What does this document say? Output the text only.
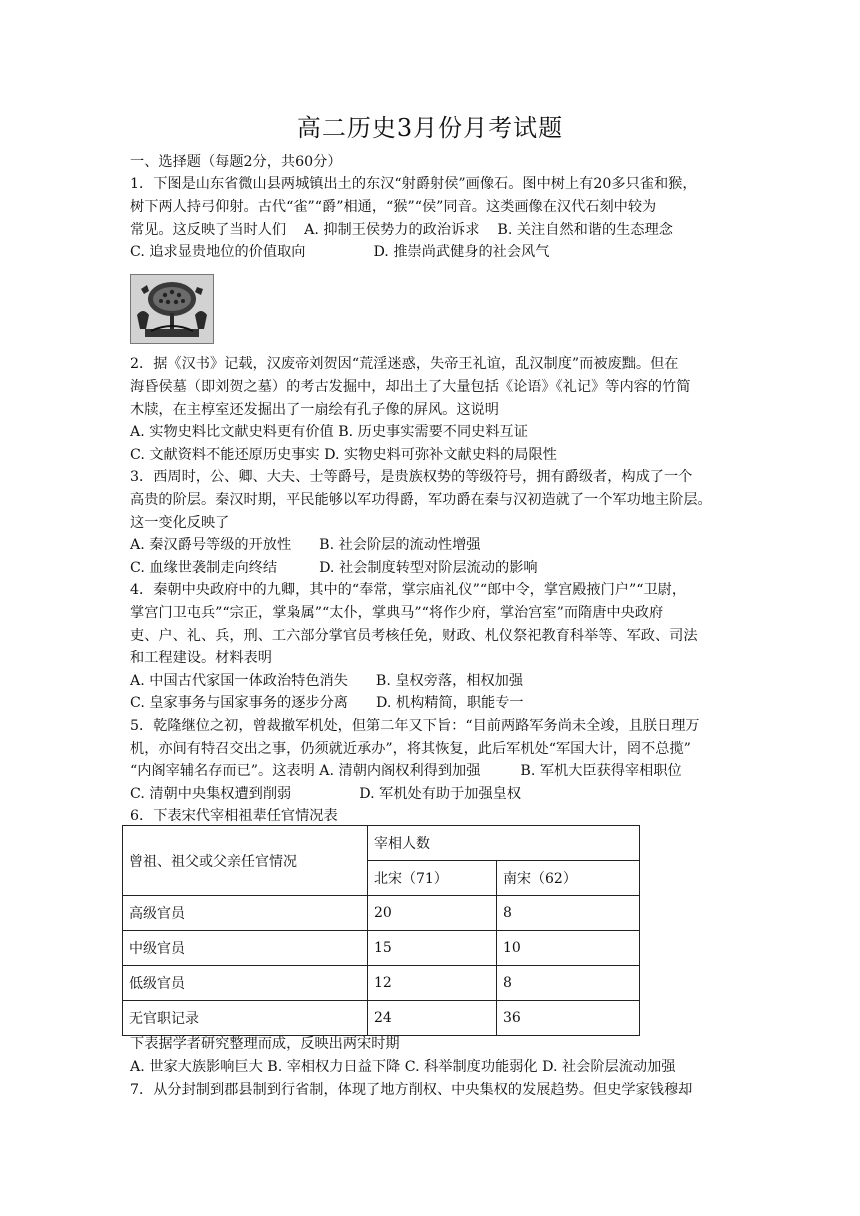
高二历史3月份月考试题
一、选择题（每题2分，共60分）
1．下图是山东省微山县两城镇出土的东汉“射爵射侯”画像石。图中树上有20多只雀和猴，
树下两人持弓仰射。古代“雀”“爵”相通，“猴”“侯”同音。这类画像在汉代石刻中较为
常见。这反映了当时人们 A. 抑制王侯势力的政治诉求 B. 关注自然和谐的生态理念
C. 追求显贵地位的价值取向	D. 推崇尚武健身的社会风气
2．据《汉书》记载，汉废帝刘贺因“荒淫迷惑，失帝王礼谊，乱汉制度”而被废黜。但在
海昏侯墓（即刘贺之墓）的考古发掘中，却出土了大量包括《论语》《礼记》等内容的竹简
木牍，在主椁室还发掘出了一扇绘有孔子像的屏风。这说明
A. 实物史料比文献史料更有价值 B. 历史事实需要不同史料互证
C. 文献资料不能还原历史事实 D. 实物史料可弥补文献史料的局限性
3．西周时，公、卿、大夫、士等爵号，是贵族权势的等级符号，拥有爵级者，构成了一个
高贵的阶层。秦汉时期，平民能够以军功得爵，军功爵在秦与汉初造就了一个军功地主阶层。
这一变化反映了
A. 秦汉爵号等级的开放性 B. 社会阶层的流动性增强
C. 血缘世袭制走向终结	D. 社会制度转型对阶层流动的影响
4．秦朝中央政府中的九卿，其中的“奉常，掌宗庙礼仪”“郎中令，掌宫殿掖门户”“卫尉，
掌宫门卫屯兵”“宗正，掌枭属”“太仆，掌典马”“将作少府，掌治宫室”而隋唐中央政府
吏、户、礼、兵，刑、工六部分掌官员考核任免，财政、札仪祭祀教育科举等、军政、司法
和工程建设。材料表明
A. 中国古代家国一体政治特色消失 B. 皇权旁落，相权加强
C. 皇家事务与国家事务的逐步分离 D. 机构精简，职能专一
5．乾隆继位之初，曾裁撤军机处，但第二年又下旨：“目前两路军务尚未全竣，且朕日理万
机，亦间有特召交出之事，仍须就近承办”，将其恢复，此后军机处“军国大计，罔不总揽”
“内阁宰辅名存而已”。这表明 A. 清朝内阁权利得到加强	B. 军机大臣获得宰相职位
C. 清朝中央集权遭到削弱	D. 军机处有助于加强皇权
6．下表宋代宰相祖辈任官情况表
曾祖、祖父或父亲任官情况	宰相人数	
	北宋（71）	南宋（62）
高级官员	20	8
中级官员	15	10
低级官员	12	8
无官职记录	24	36
下表据学者研究整理而成，反映出两宋时期
A. 世家大族影响巨大 B. 宰相权力日益下降 C. 科举制度功能弱化 D. 社会阶层流动加强
7．从分封制到郡县制到行省制，体现了地方削权、中央集权的发展趋势。但史学家钱穆却
